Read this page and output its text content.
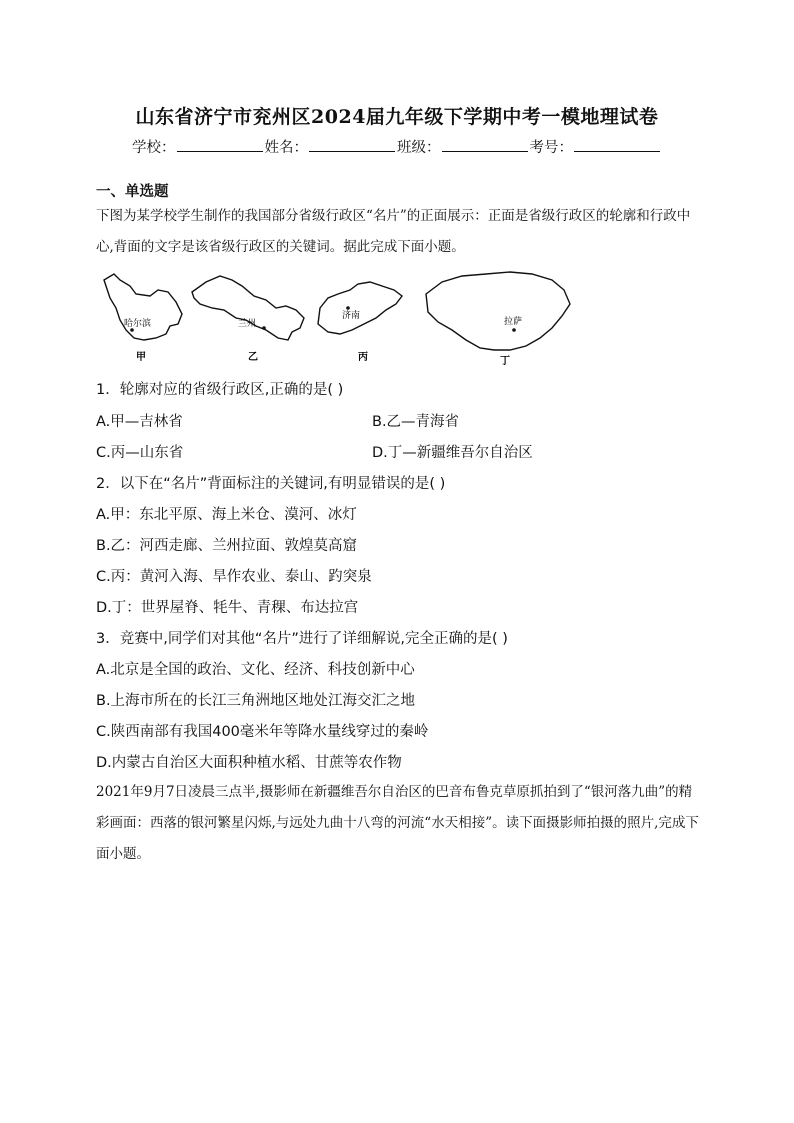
山东省济宁市兖州区2024届九年级下学期中考一模地理试卷
学校：	姓名：	班级：	考号：
一、单选题
下图为某学校学生制作的我国部分省级行政区“名片”的正面展示：正面是省级行政区的轮廓和行政中心,背面的文字是该省级行政区的关键词。据此完成下面小题。
哈尔滨
甲
兰州
乙
济南
丙
拉萨
丁
1．轮廓对应的省级行政区,正确的是( )
A.甲—吉林省	B.乙—青海省
C.丙—山东省	D.丁—新疆维吾尔自治区
2．以下在“名片”背面标注的关键词,有明显错误的是( )
A.甲：东北平原、海上米仓、漠河、冰灯
B.乙：河西走廊、兰州拉面、敦煌莫高窟
C.丙：黄河入海、旱作农业、泰山、趵突泉
D.丁：世界屋脊、牦牛、青稞、布达拉宫
3．竞赛中,同学们对其他“名片”进行了详细解说,完全正确的是( )
A.北京是全国的政治、文化、经济、科技创新中心
B.上海市所在的长江三角洲地区地处江海交汇之地
C.陕西南部有我国400毫米年等降水量线穿过的秦岭
D.内蒙古自治区大面积种植水稻、甘蔗等农作物
2021年9月7日凌晨三点半,摄影师在新疆维吾尔自治区的巴音布鲁克草原抓拍到了“银河落九曲”的精彩画面：西落的银河繁星闪烁,与远处九曲十八弯的河流“水天相接”。读下面摄影师拍摄的照片,完成下面小题。
